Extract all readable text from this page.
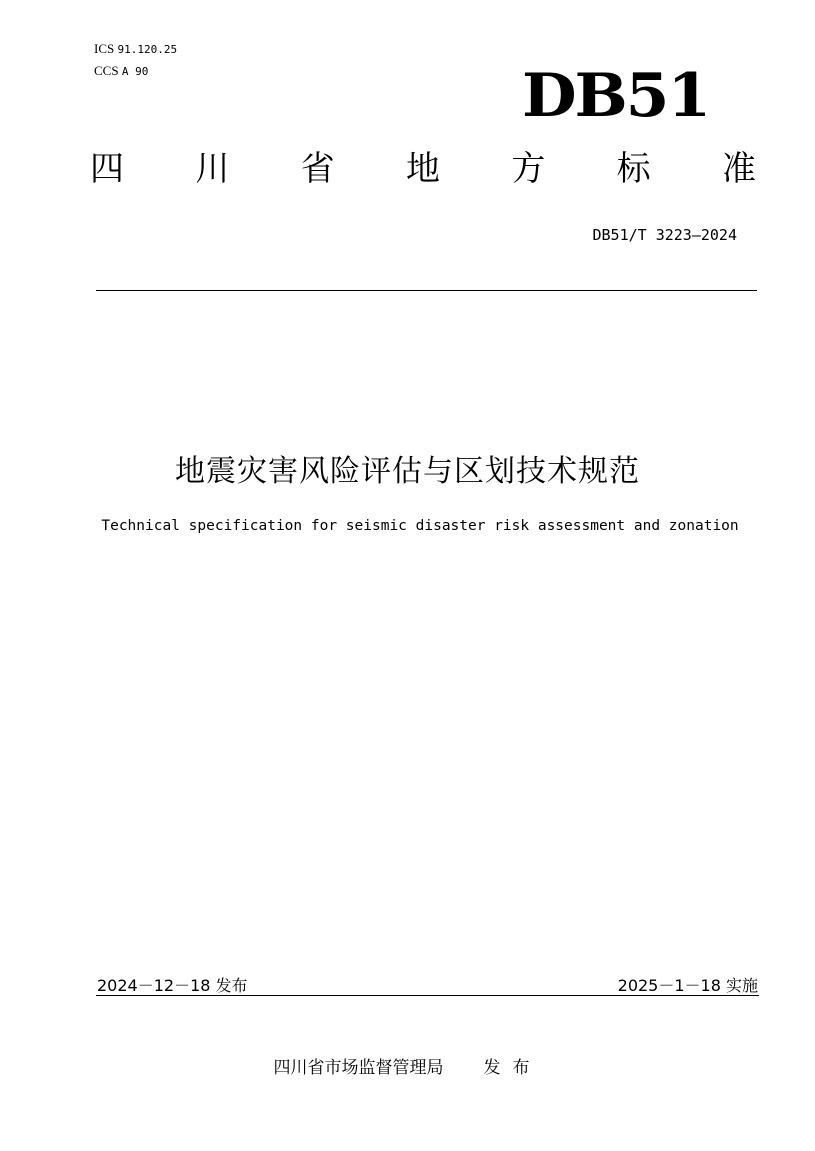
ICS 91.120.25
CCS A 90	DB51
四 川 省 地 方 标 准
DB51/T 3223—2024
地震灾害风险评估与区划技术规范
Technical specification for seismic disaster risk assessment and zonation
2024－12－18 发布	2025－1－18 实施
四川省市场监督管理局 发布
